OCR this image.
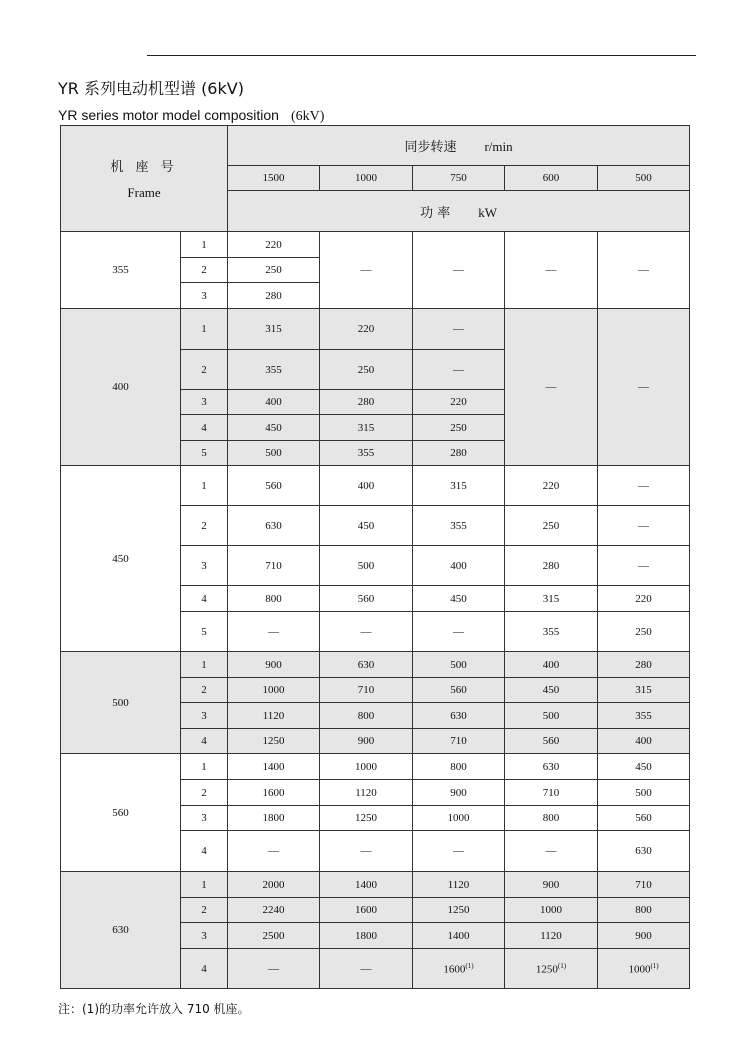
YR 系列电动机型谱 (6kV)
YR series motor model composition (6kV)
机 座 号
Frame		同步转速 r/min				
		1500	1000	750	600	500
		功 率 kW				
355	1	220	—	—	—	—
	2	250				
	3	280				
400	1	315	220	—	—	—
	2	355	250	—		
	3	400	280	220		
	4	450	315	250		
	5	500	355	280		
450	1	560	400	315	220	—
	2	630	450	355	250	—
	3	710	500	400	280	—
	4	800	560	450	315	220
	5	—	—	—	355	250
500	1	900	630	500	400	280
	2	1000	710	560	450	315
	3	1120	800	630	500	355
	4	1250	900	710	560	400
560	1	1400	1000	800	630	450
	2	1600	1120	900	710	500
	3	1800	1250	1000	800	560
	4	—	—	—	—	630
630	1	2000	1400	1120	900	710
	2	2240	1600	1250	1000	800
	3	2500	1800	1400	1120	900
	4	—	—	1600$^{(1)}$	1250$^{(1)}$	1000$^{(1)}$
注：(1)的功率允许放入 710 机座。
